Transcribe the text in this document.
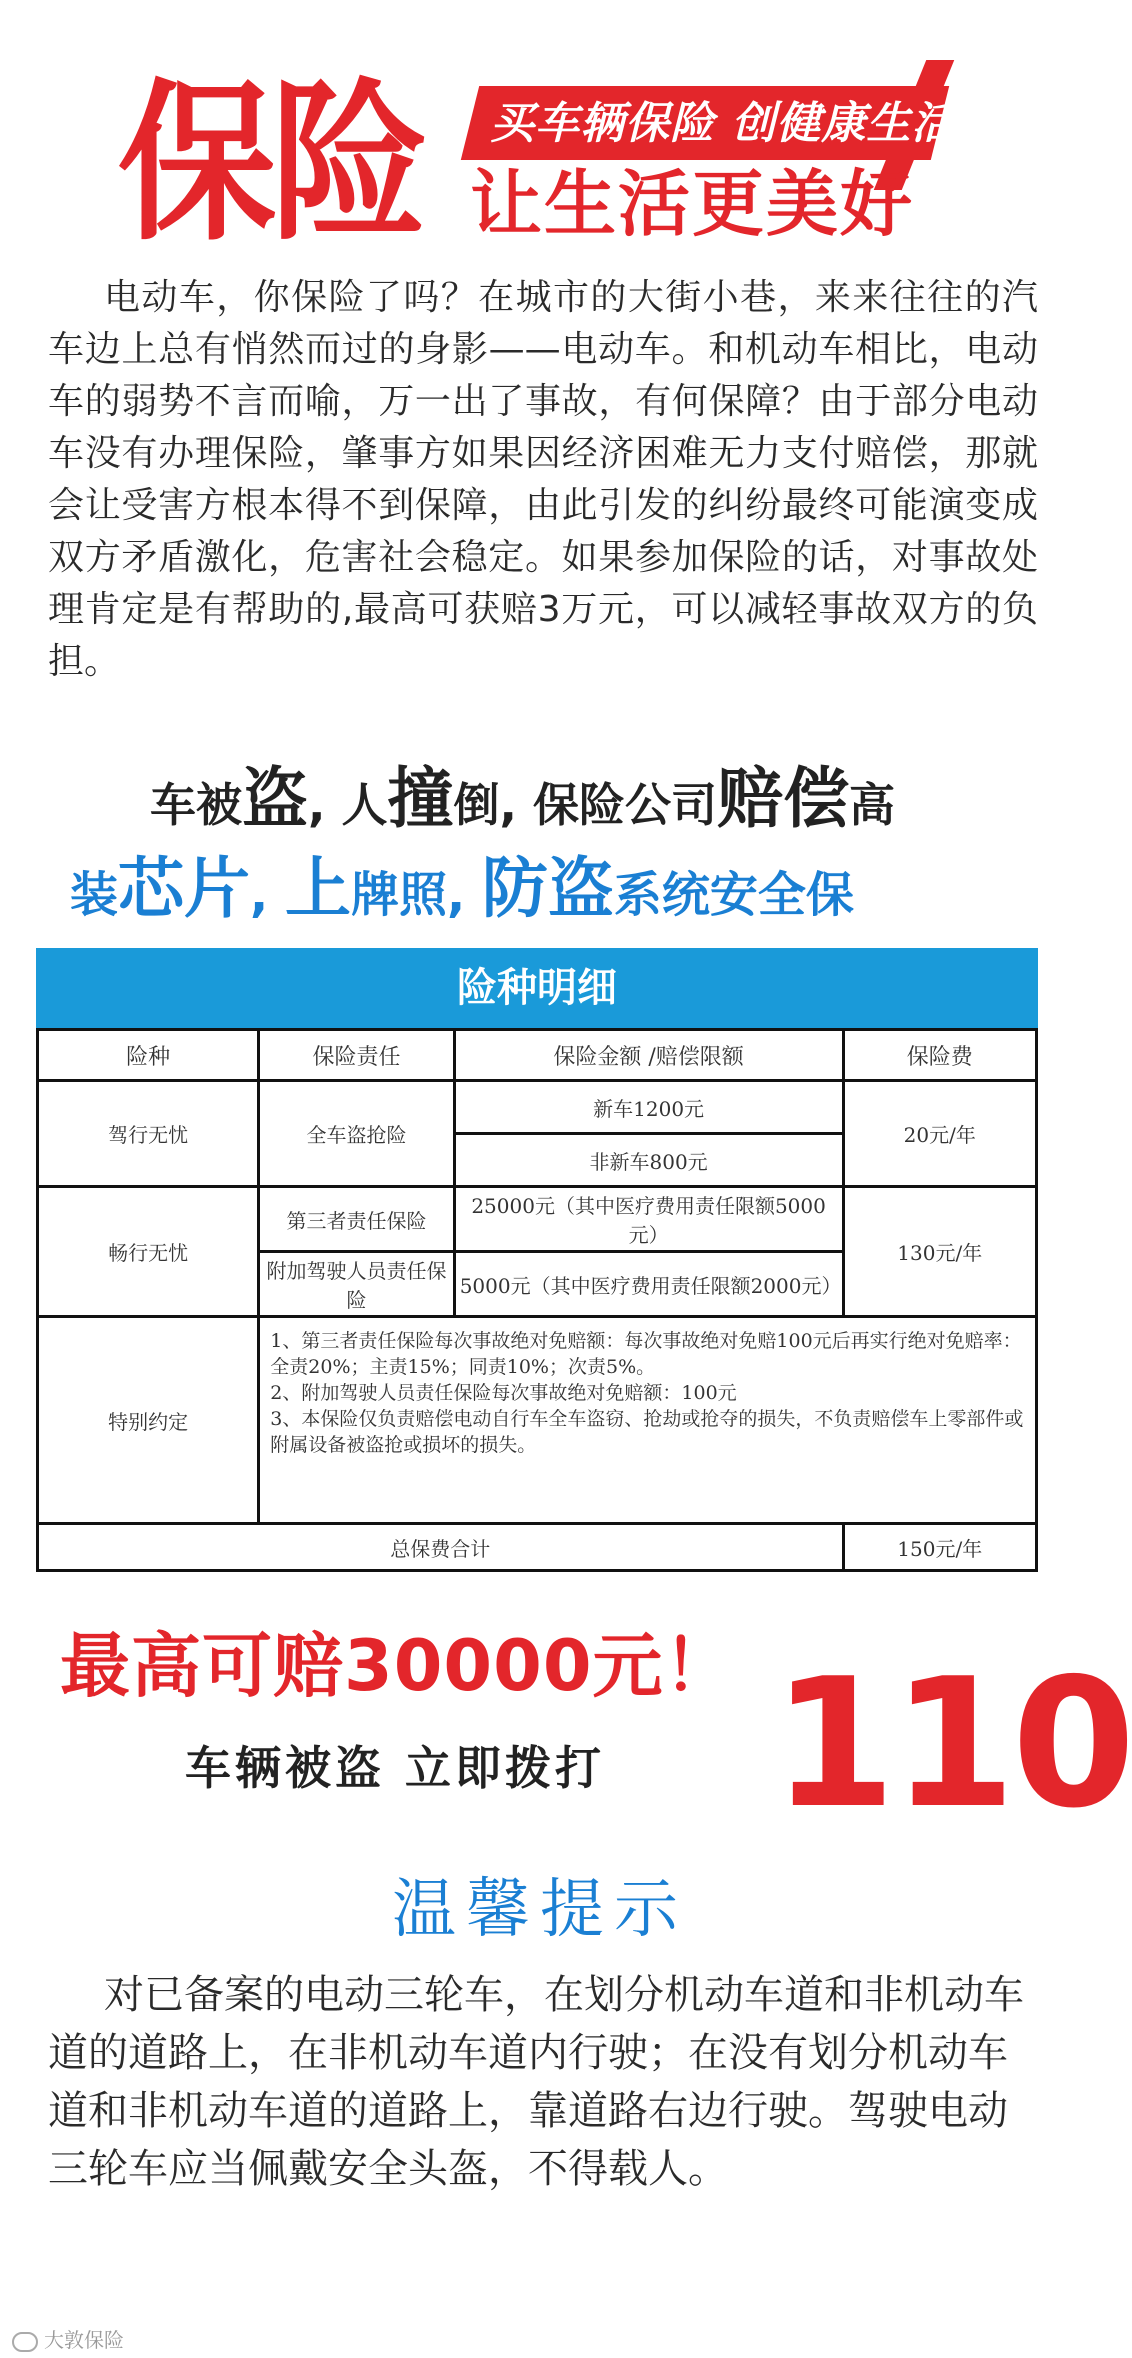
保险 买车辆保险 创健康生活
让生活更美好

电动车，你保险了吗？在城市的大街小巷，来来往往的汽车边上总有悄然而过的身影——电动车。和机动车相比，电动车的弱势不言而喻，万一出了事故，有何保障？由于部分电动车没有办理保险，肇事方如果因经济困难无力支付赔偿，那就会让受害方根本得不到保障，由此引发的纠纷最终可能演变成双方矛盾激化，危害社会稳定。如果参加保险的话，对事故处理肯定是有帮助的,最高可获赔3万元，可以减轻事故双方的负担。

车被盗, 人撞倒, 保险公司赔偿高
装芯片, 上牌照, 防盗系统安全保
险种明细
险种	保险责任	保险金额 /赔偿限额	保险费
驾行无忧	全车盗抢险	新车1200元	20元/年
		非新车800元	
畅行无忧	第三者责任保险	25000元（其中医疗费用责任限额5000元）	130元/年
	附加驾驶人员责任保险	5000元（其中医疗费用责任限额2000元）	
特别约定	1、第三者责任保险每次事故绝对免赔额：每次事故绝对免赔100元后再实行绝对免赔率：全责20%；主责15%；同责10%；次责5%。
2、附加驾驶人员责任保险每次事故绝对免赔额：100元
3、本保险仅负责赔偿电动自行车全车盗窃、抢劫或抢夺的损失，不负责赔偿车上零部件或附属设备被盗抢或损坏的损失。		

总保费合计			150元/年
最高可赔30000元！
车辆被盗 立即拨打 110
温馨提示

对已备案的电动三轮车，在划分机动车道和非机动车道的道路上，在非机动车道内行驶；在没有划分机动车道和非机动车道的道路上，靠道路右边行驶。驾驶电动三轮车应当佩戴安全头盔，不得载人。

大敦保险
